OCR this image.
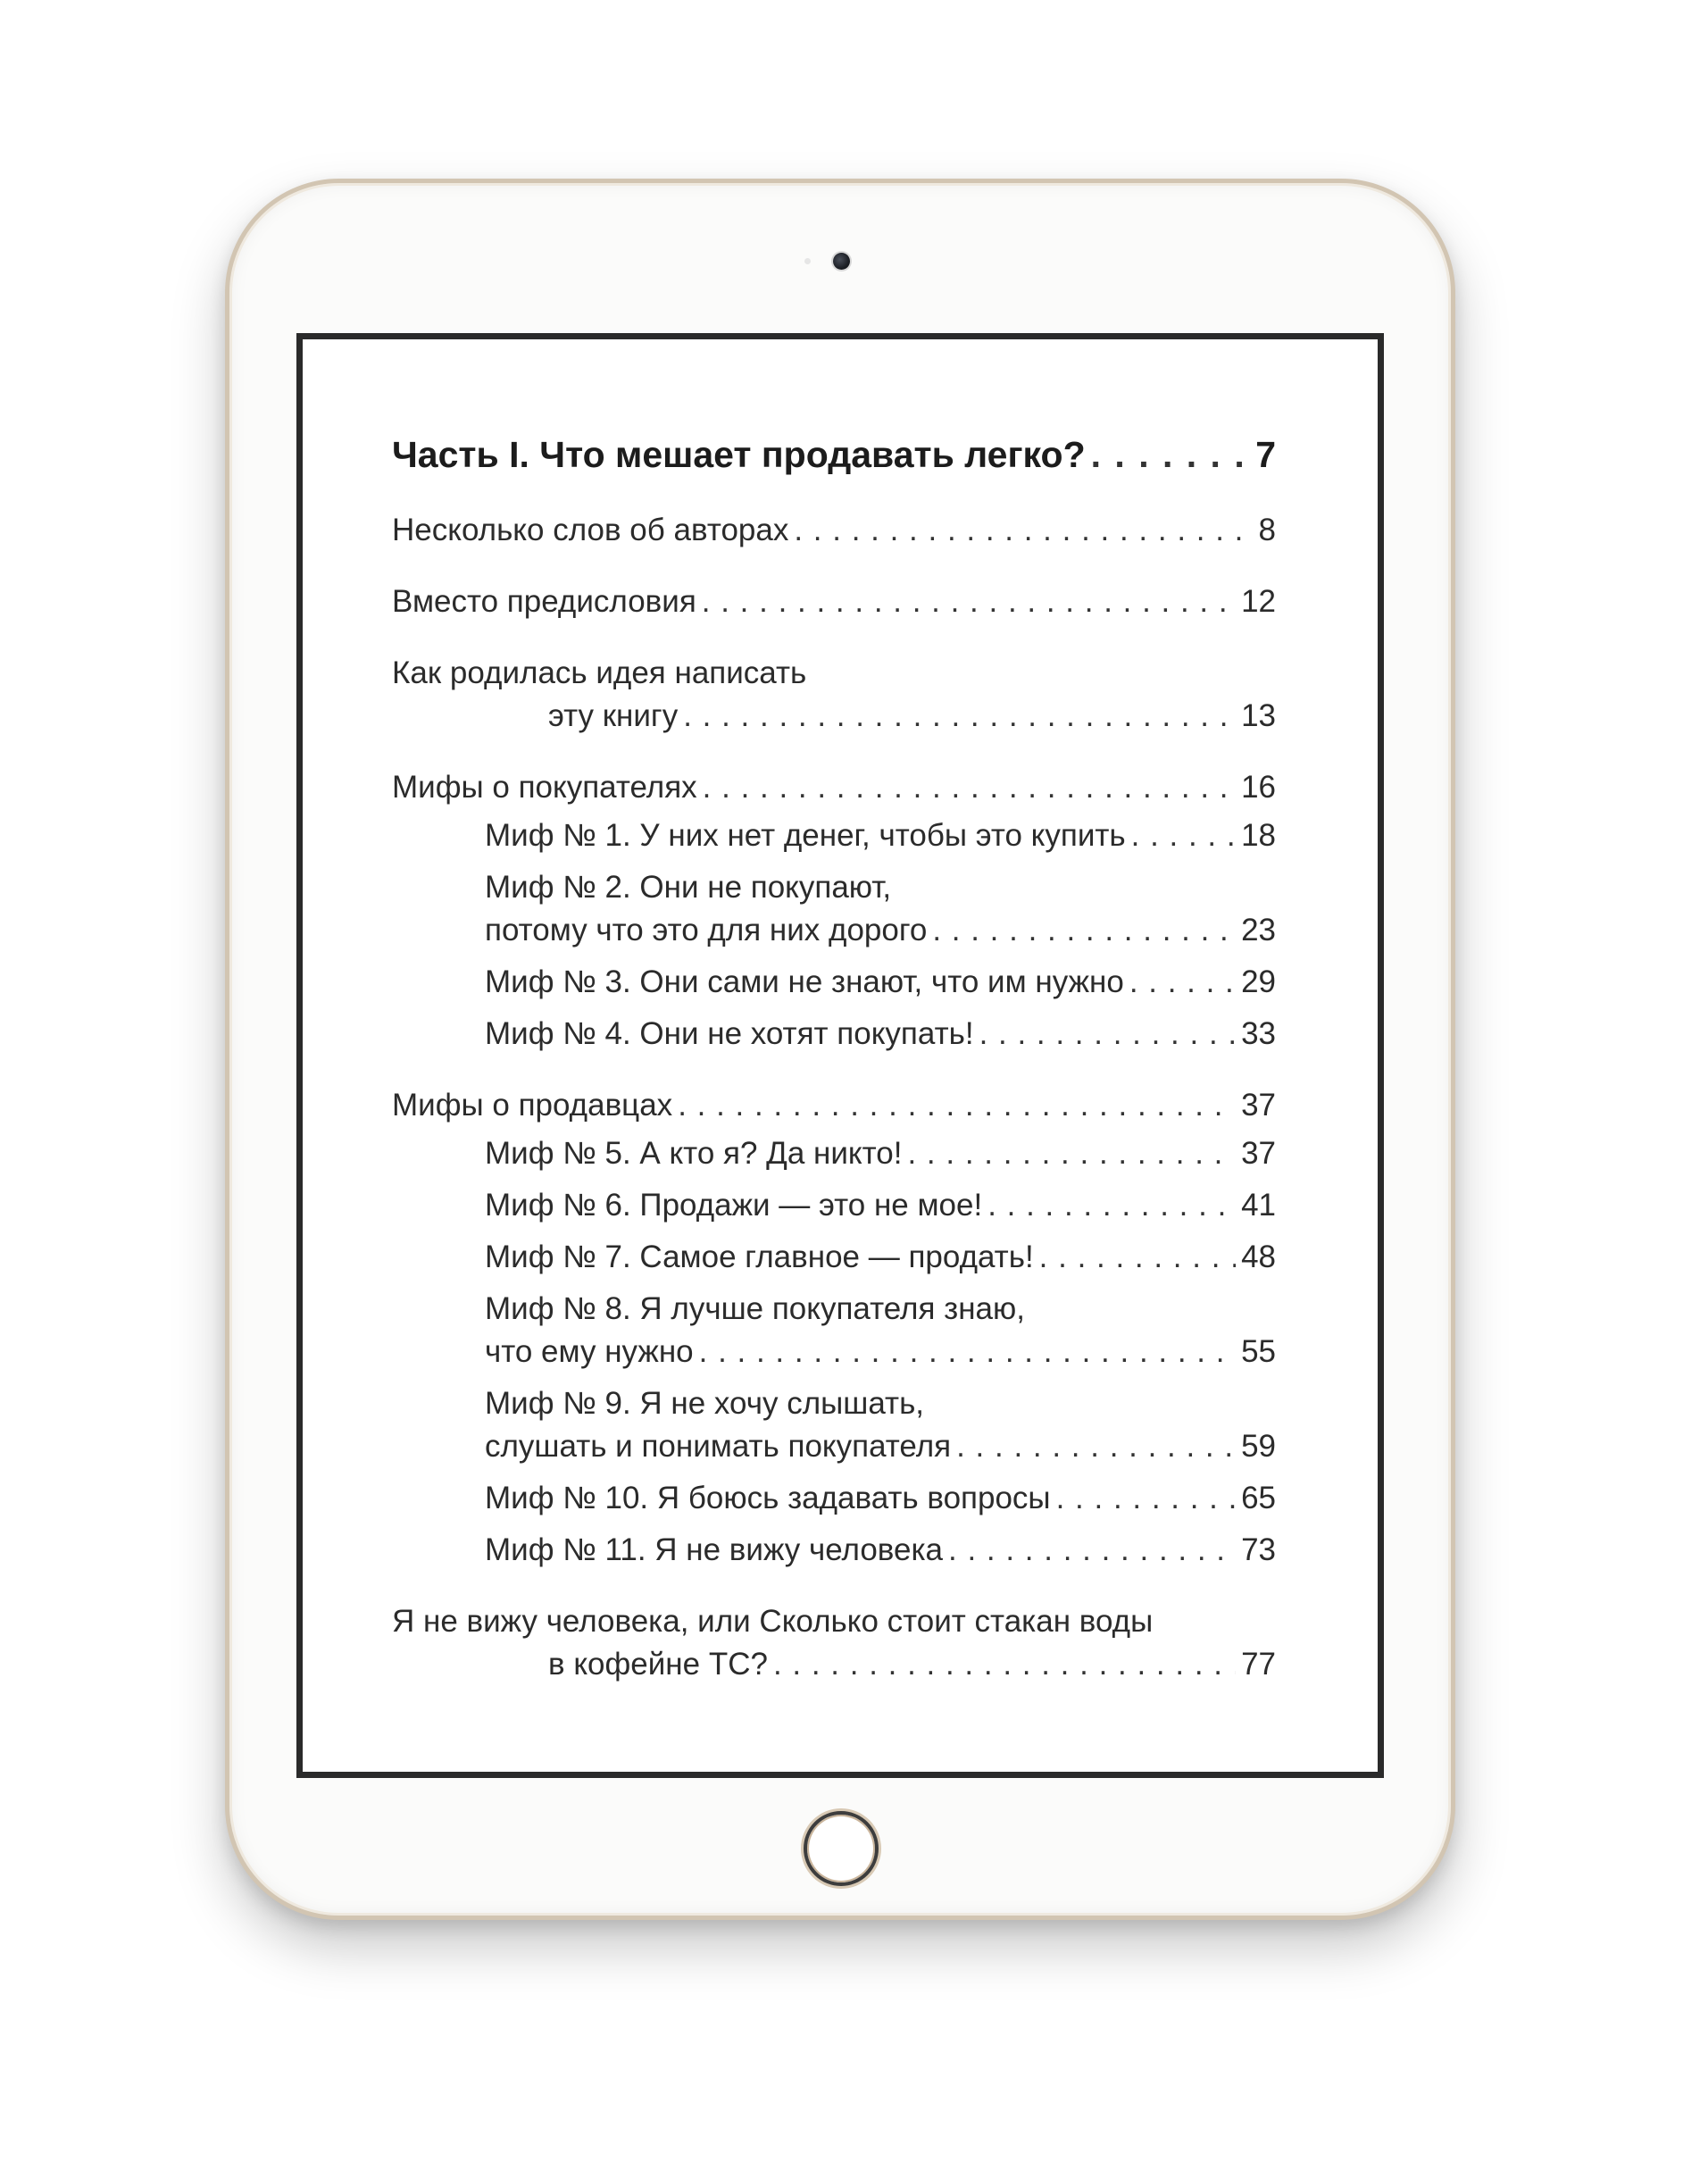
Часть I. Что мешает продавать легко? . . .	7
Несколько слов об авторах . . .	8
Вместо предисловия . . .	12
Как родилась идея написать
эту книгу . . .	13
Мифы о покупателях . . .	16
Миф № 1. У них нет денег, чтобы это купить . . .	18
Миф № 2. Они не покупают,
потому что это для них дорого . . .	23
Миф № 3. Они сами не знают, что им нужно . . .	29
Миф № 4. Они не хотят покупать! . . .	33
Мифы о продавцах . . .	37
Миф № 5. А кто я? Да никто! . . .	37
Миф № 6. Продажи — это не мое! . . .	41
Миф № 7. Самое главное — продать! . . .	48
Миф № 8. Я лучше покупателя знаю,
что ему нужно . . .	55
Миф № 9. Я не хочу слышать,
слушать и понимать покупателя . . .	59
Миф № 10. Я боюсь задавать вопросы . . .	65
Миф № 11. Я не вижу человека . . .	73
Я не вижу человека, или Сколько стоит стакан воды
в кофейне ТС? . . .	77
